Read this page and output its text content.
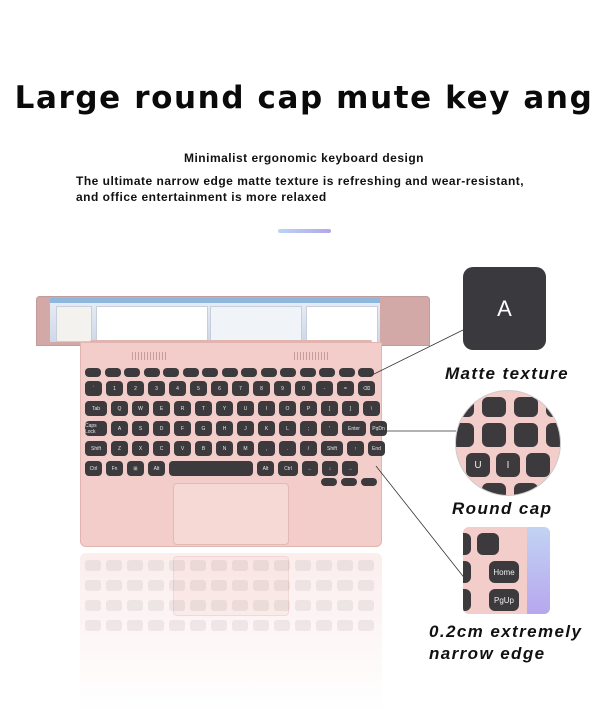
Large round cap mute key ang
Minimalist ergonomic keyboard design
The ultimate narrow edge matte texture is refreshing and wear-resistant,
and office entertainment is more relaxed
`	1	2	3	4	5	6	7	8	9	0	-	=	⌫
Tab	Q	W	E	R	T	Y	U	I	O	P	[	]	\
Caps Lock	A	S	D	F	G	H	J	K	L	;	'	Enter	PgDn
Shift	Z	X	C	V	B	N	M	,	.	/	Shift	↑	End
Ctrl	Fn	⊞	Alt	Alt	Ctrl	←	↓	→
A
Matte texture
U	I
Round cap
Home
PgUp
0.2cm extremely
narrow edge
